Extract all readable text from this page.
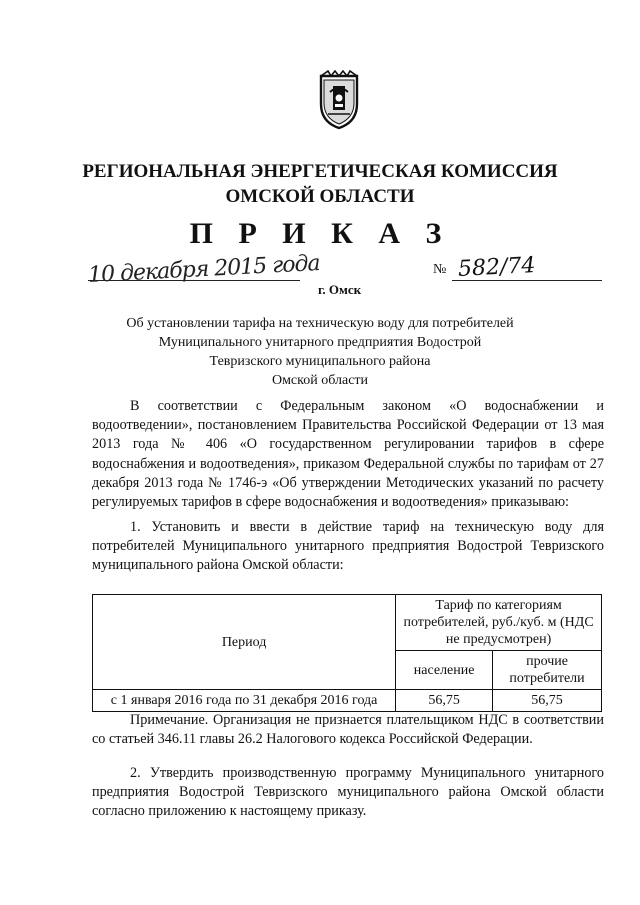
РЕГИОНАЛЬНАЯ ЭНЕРГЕТИЧЕСКАЯ КОМИССИЯ
ОМСКОЙ ОБЛАСТИ
П Р И К А З
10 декабря 2015 года	№ 582/74
г. Омск
Об установлении тарифа на техническую воду для потребителей
Муниципального унитарного предприятия Водострой
Тевризского муниципального района
Омской области
В соответствии с Федеральным законом «О водоснабжении и водоотведении», постановлением Правительства Российской Федерации от 13 мая 2013 года № 406 «О государственном регулировании тарифов в сфере водоснабжения и водоотведения», приказом Федеральной службы по тарифам от 27 декабря 2013 года № 1746-э «Об утверждении Методических указаний по расчету регулируемых тарифов в сфере водоснабжения и водоотведения» приказываю:
1. Установить и ввести в действие тариф на техническую воду для потребителей Муниципального унитарного предприятия Водострой Тевризского муниципального района Омской области:
Период	Тариф по категориям потребителей, руб./куб. м (НДС не предусмотрен)	
	население	прочие потребители
с 1 января 2016 года по 31 декабря 2016 года	56,75	56,75
Примечание. Организация не признается плательщиком НДС в соответствии со статьей 346.11 главы 26.2 Налогового кодекса Российской Федерации.
2. Утвердить производственную программу Муниципального унитарного предприятия Водострой Тевризского муниципального района Омской области согласно приложению к настоящему приказу.
